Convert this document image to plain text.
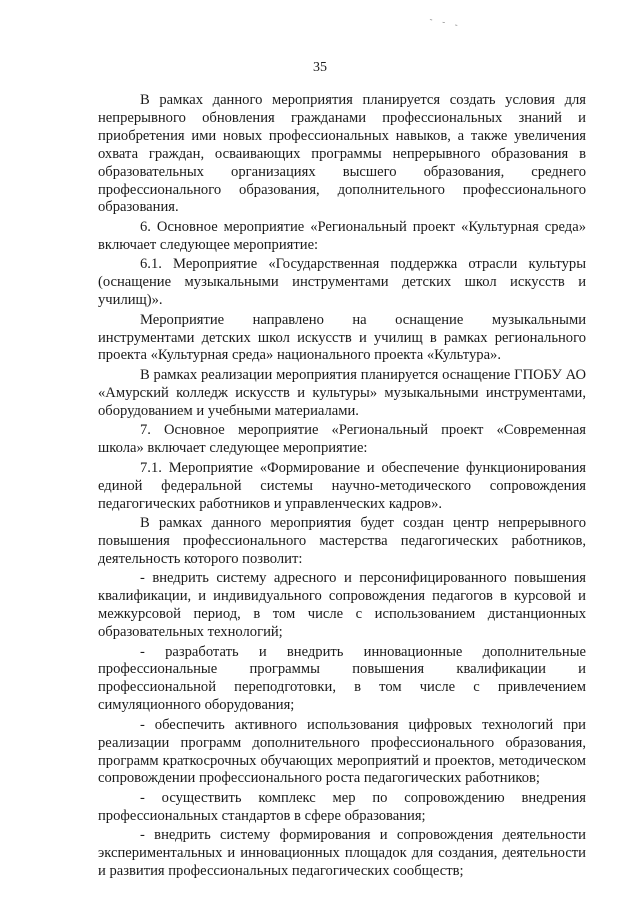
- - -
35

В рамках данного мероприятия планируется создать условия для непрерывного обновления гражданами профессиональных знаний и приобретения ими новых профессиональных навыков, а также увеличения охвата граждан, осваивающих программы непрерывного образования в образовательных организациях высшего образования, среднего профессионального образования, дополнительного профессионального образования.

6. Основное мероприятие «Региональный проект «Культурная среда» включает следующее мероприятие:

6.1. Мероприятие «Государственная поддержка отрасли культуры (оснащение музыкальными инструментами детских школ искусств и училищ)».

Мероприятие направлено на оснащение музыкальными инструментами детских школ искусств и училищ в рамках регионального проекта «Культурная среда» национального проекта «Культура».

В рамках реализации мероприятия планируется оснащение ГПОБУ АО «Амурский колледж искусств и культуры» музыкальными инструментами, оборудованием и учебными материалами.

7. Основное мероприятие «Региональный проект «Современная школа» включает следующее мероприятие:

7.1. Мероприятие «Формирование и обеспечение функционирования единой федеральной системы научно-методического сопровождения педагогических работников и управленческих кадров».

В рамках данного мероприятия будет создан центр непрерывного повышения профессионального мастерства педагогических работников, деятельность которого позволит:

- внедрить систему адресного и персонифицированного повышения квалификации, и индивидуального сопровождения педагогов в курсовой и межкурсовой период, в том числе с использованием дистанционных образовательных технологий;

- разработать и внедрить инновационные дополнительные профессиональные программы повышения квалификации и профессиональной переподготовки, в том числе с привлечением симуляционного оборудования;

- обеспечить активного использования цифровых технологий при реализации программ дополнительного профессионального образования, программ краткосрочных обучающих мероприятий и проектов, методическом сопровождении профессионального роста педагогических работников;

- осуществить комплекс мер по сопровождению внедрения профессиональных стандартов в сфере образования;

- внедрить систему формирования и сопровождения деятельности экспериментальных и инновационных площадок для создания, деятельности и развития профессиональных педагогических сообществ;
